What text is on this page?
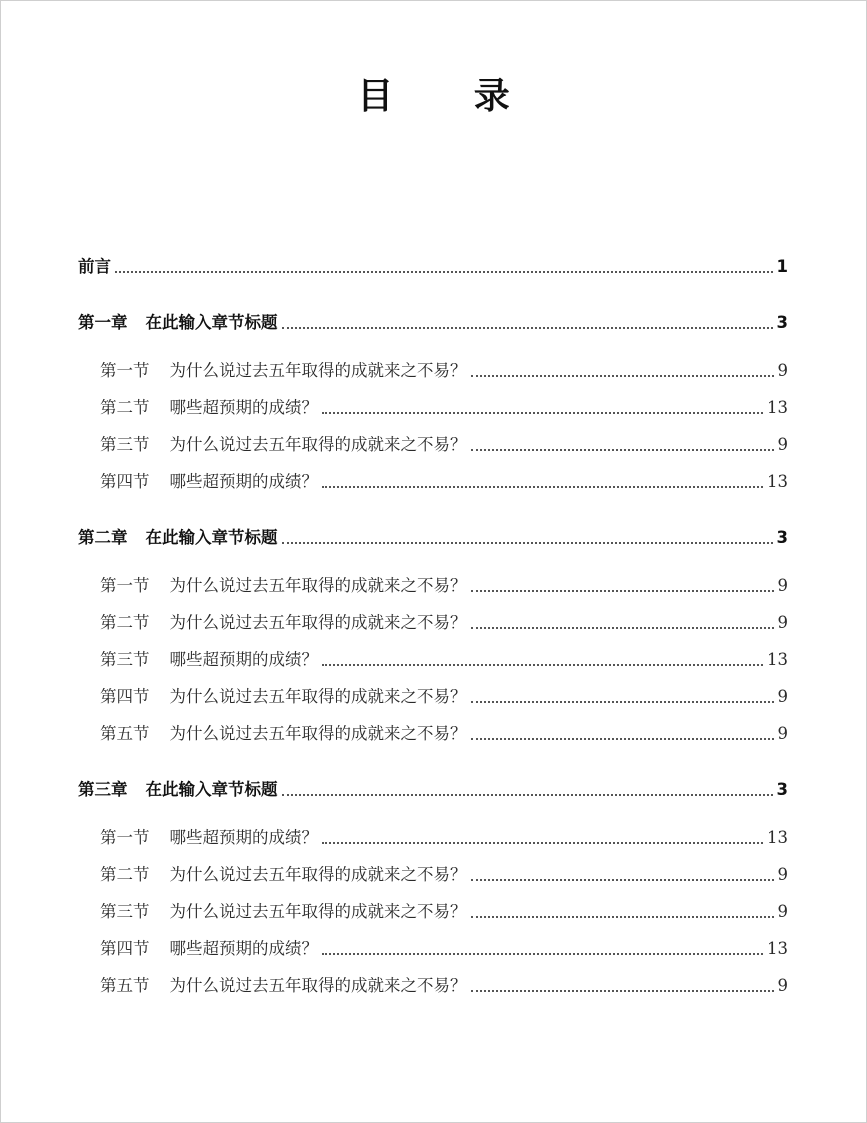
目 录
前言	1
第一章 在此输入章节标题	3
第一节 为什么说过去五年取得的成就来之不易？	9
第二节 哪些超预期的成绩？	13
第三节 为什么说过去五年取得的成就来之不易？	9
第四节 哪些超预期的成绩？	13
第二章 在此输入章节标题	3
第一节 为什么说过去五年取得的成就来之不易？	9
第二节 为什么说过去五年取得的成就来之不易？	9
第三节 哪些超预期的成绩？	13
第四节 为什么说过去五年取得的成就来之不易？	9
第五节 为什么说过去五年取得的成就来之不易？	9
第三章 在此输入章节标题	3
第一节 哪些超预期的成绩？	13
第二节 为什么说过去五年取得的成就来之不易？	9
第三节 为什么说过去五年取得的成就来之不易？	9
第四节 哪些超预期的成绩？	13
第五节 为什么说过去五年取得的成就来之不易？	9
